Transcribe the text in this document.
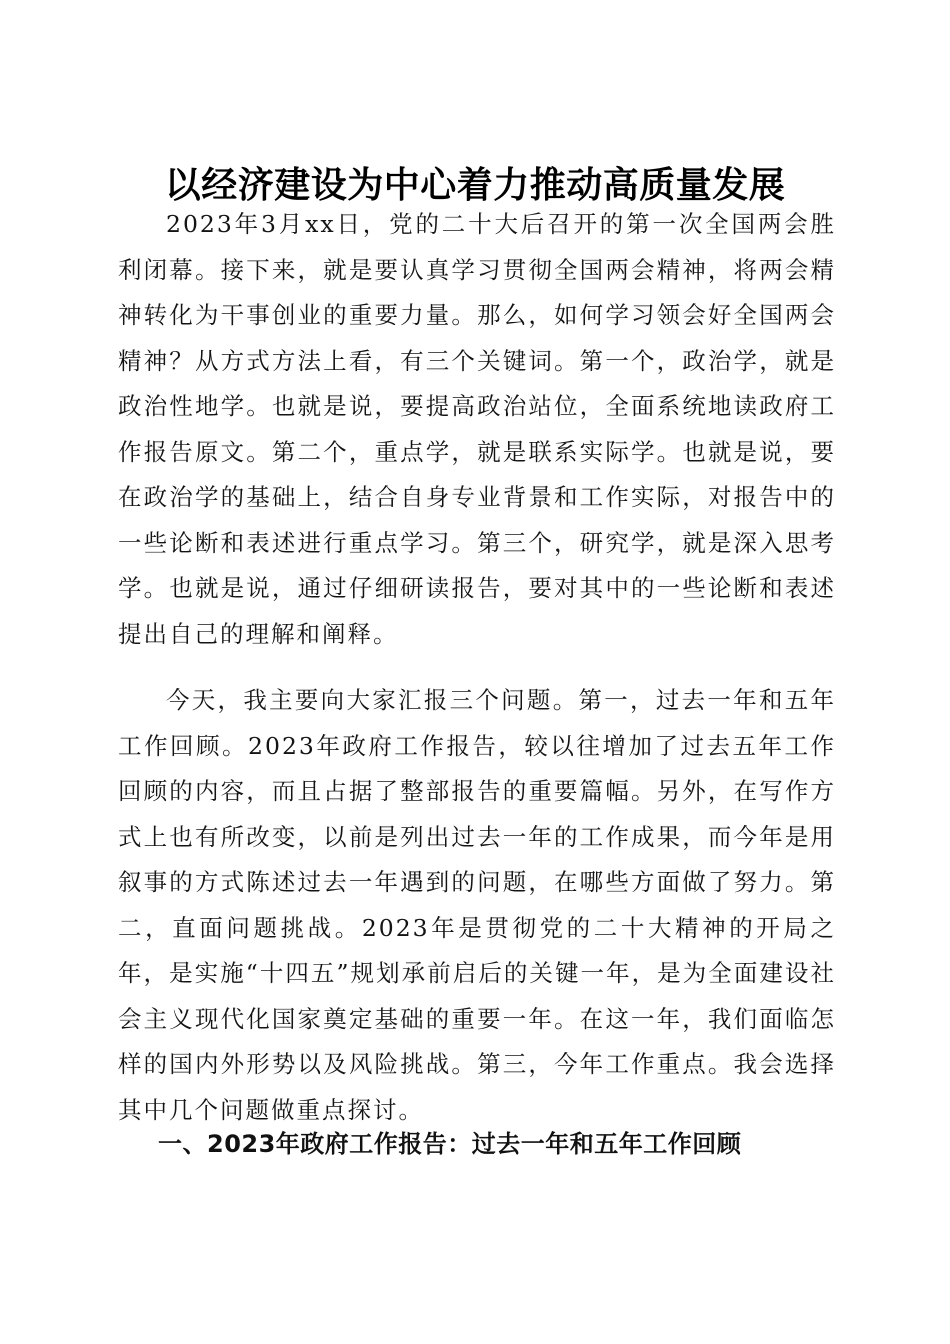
以经济建设为中心着力推动高质量发展

2023年3月xx日，党的二十大后召开的第一次全国两会胜利闭幕。接下来，就是要认真学习贯彻全国两会精神，将两会精神转化为干事创业的重要力量。那么，如何学习领会好全国两会精神？从方式方法上看，有三个关键词。第一个，政治学，就是政治性地学。也就是说，要提高政治站位，全面系统地读政府工作报告原文。第二个，重点学，就是联系实际学。也就是说，要在政治学的基础上，结合自身专业背景和工作实际，对报告中的一些论断和表述进行重点学习。第三个，研究学，就是深入思考学。也就是说，通过仔细研读报告，要对其中的一些论断和表述提出自己的理解和阐释。

今天，我主要向大家汇报三个问题。第一，过去一年和五年工作回顾。2023年政府工作报告，较以往增加了过去五年工作回顾的内容，而且占据了整部报告的重要篇幅。另外，在写作方式上也有所改变，以前是列出过去一年的工作成果，而今年是用叙事的方式陈述过去一年遇到的问题，在哪些方面做了努力。第二，直面问题挑战。2023年是贯彻党的二十大精神的开局之年，是实施“十四五”规划承前启后的关键一年，是为全面建设社会主义现代化国家奠定基础的重要一年。在这一年，我们面临怎样的国内外形势以及风险挑战。第三，今年工作重点。我会选择其中几个问题做重点探讨。

一、2023年政府工作报告：过去一年和五年工作回顾
